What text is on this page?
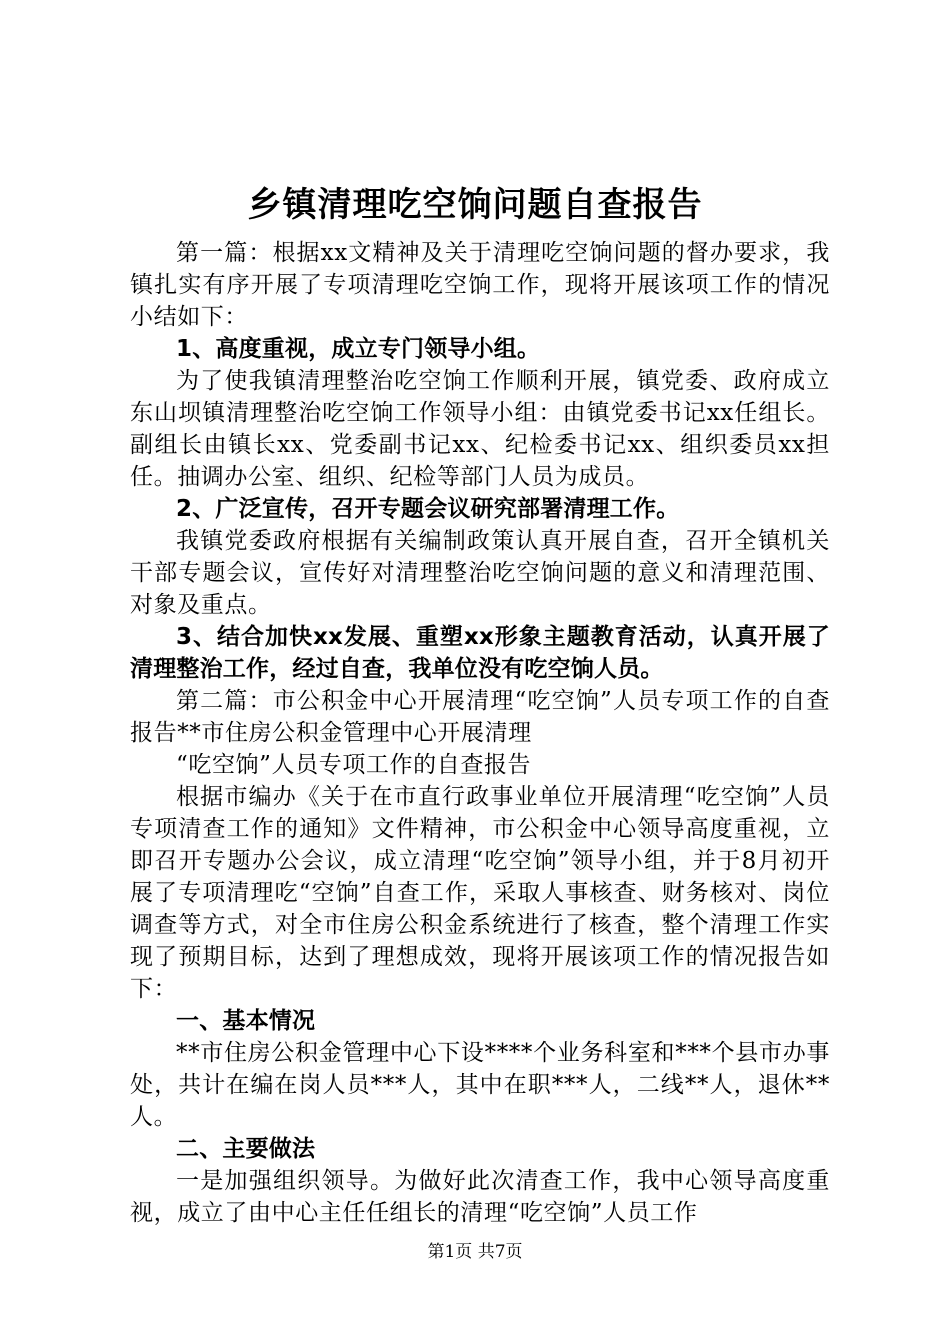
乡镇清理吃空饷问题自查报告

第一篇：根据xx文精神及关于清理吃空饷问题的督办要求，我镇扎实有序开展了专项清理吃空饷工作，现将开展该项工作的情况小结如下：

1、高度重视，成立专门领导小组。

为了使我镇清理整治吃空饷工作顺利开展，镇党委、政府成立东山坝镇清理整治吃空饷工作领导小组：由镇党委书记xx任组长。副组长由镇长xx、党委副书记xx、纪检委书记xx、组织委员xx担任。抽调办公室、组织、纪检等部门人员为成员。

2、广泛宣传，召开专题会议研究部署清理工作。

我镇党委政府根据有关编制政策认真开展自查，召开全镇机关干部专题会议，宣传好对清理整治吃空饷问题的意义和清理范围、对象及重点。

3、结合加快xx发展、重塑xx形象主题教育活动，认真开展了清理整治工作，经过自查，我单位没有吃空饷人员。

第二篇：市公积金中心开展清理“吃空饷”人员专项工作的自查报告**市住房公积金管理中心开展清理

“吃空饷”人员专项工作的自查报告

根据市编办《关于在市直行政事业单位开展清理“吃空饷”人员专项清查工作的通知》文件精神，市公积金中心领导高度重视，立即召开专题办公会议，成立清理“吃空饷”领导小组，并于8月初开展了专项清理吃“空饷”自查工作，采取人事核查、财务核对、岗位调查等方式，对全市住房公积金系统进行了核查，整个清理工作实现了预期目标，达到了理想成效，现将开展该项工作的情况报告如下：

一、基本情况

**市住房公积金管理中心下设****个业务科室和***个县市办事处，共计在编在岗人员***人，其中在职***人，二线**人，退休**人。

二、主要做法

一是加强组织领导。为做好此次清查工作，我中心领导高度重视，成立了由中心主任任组长的清理“吃空饷”人员工作

第1页 共7页
